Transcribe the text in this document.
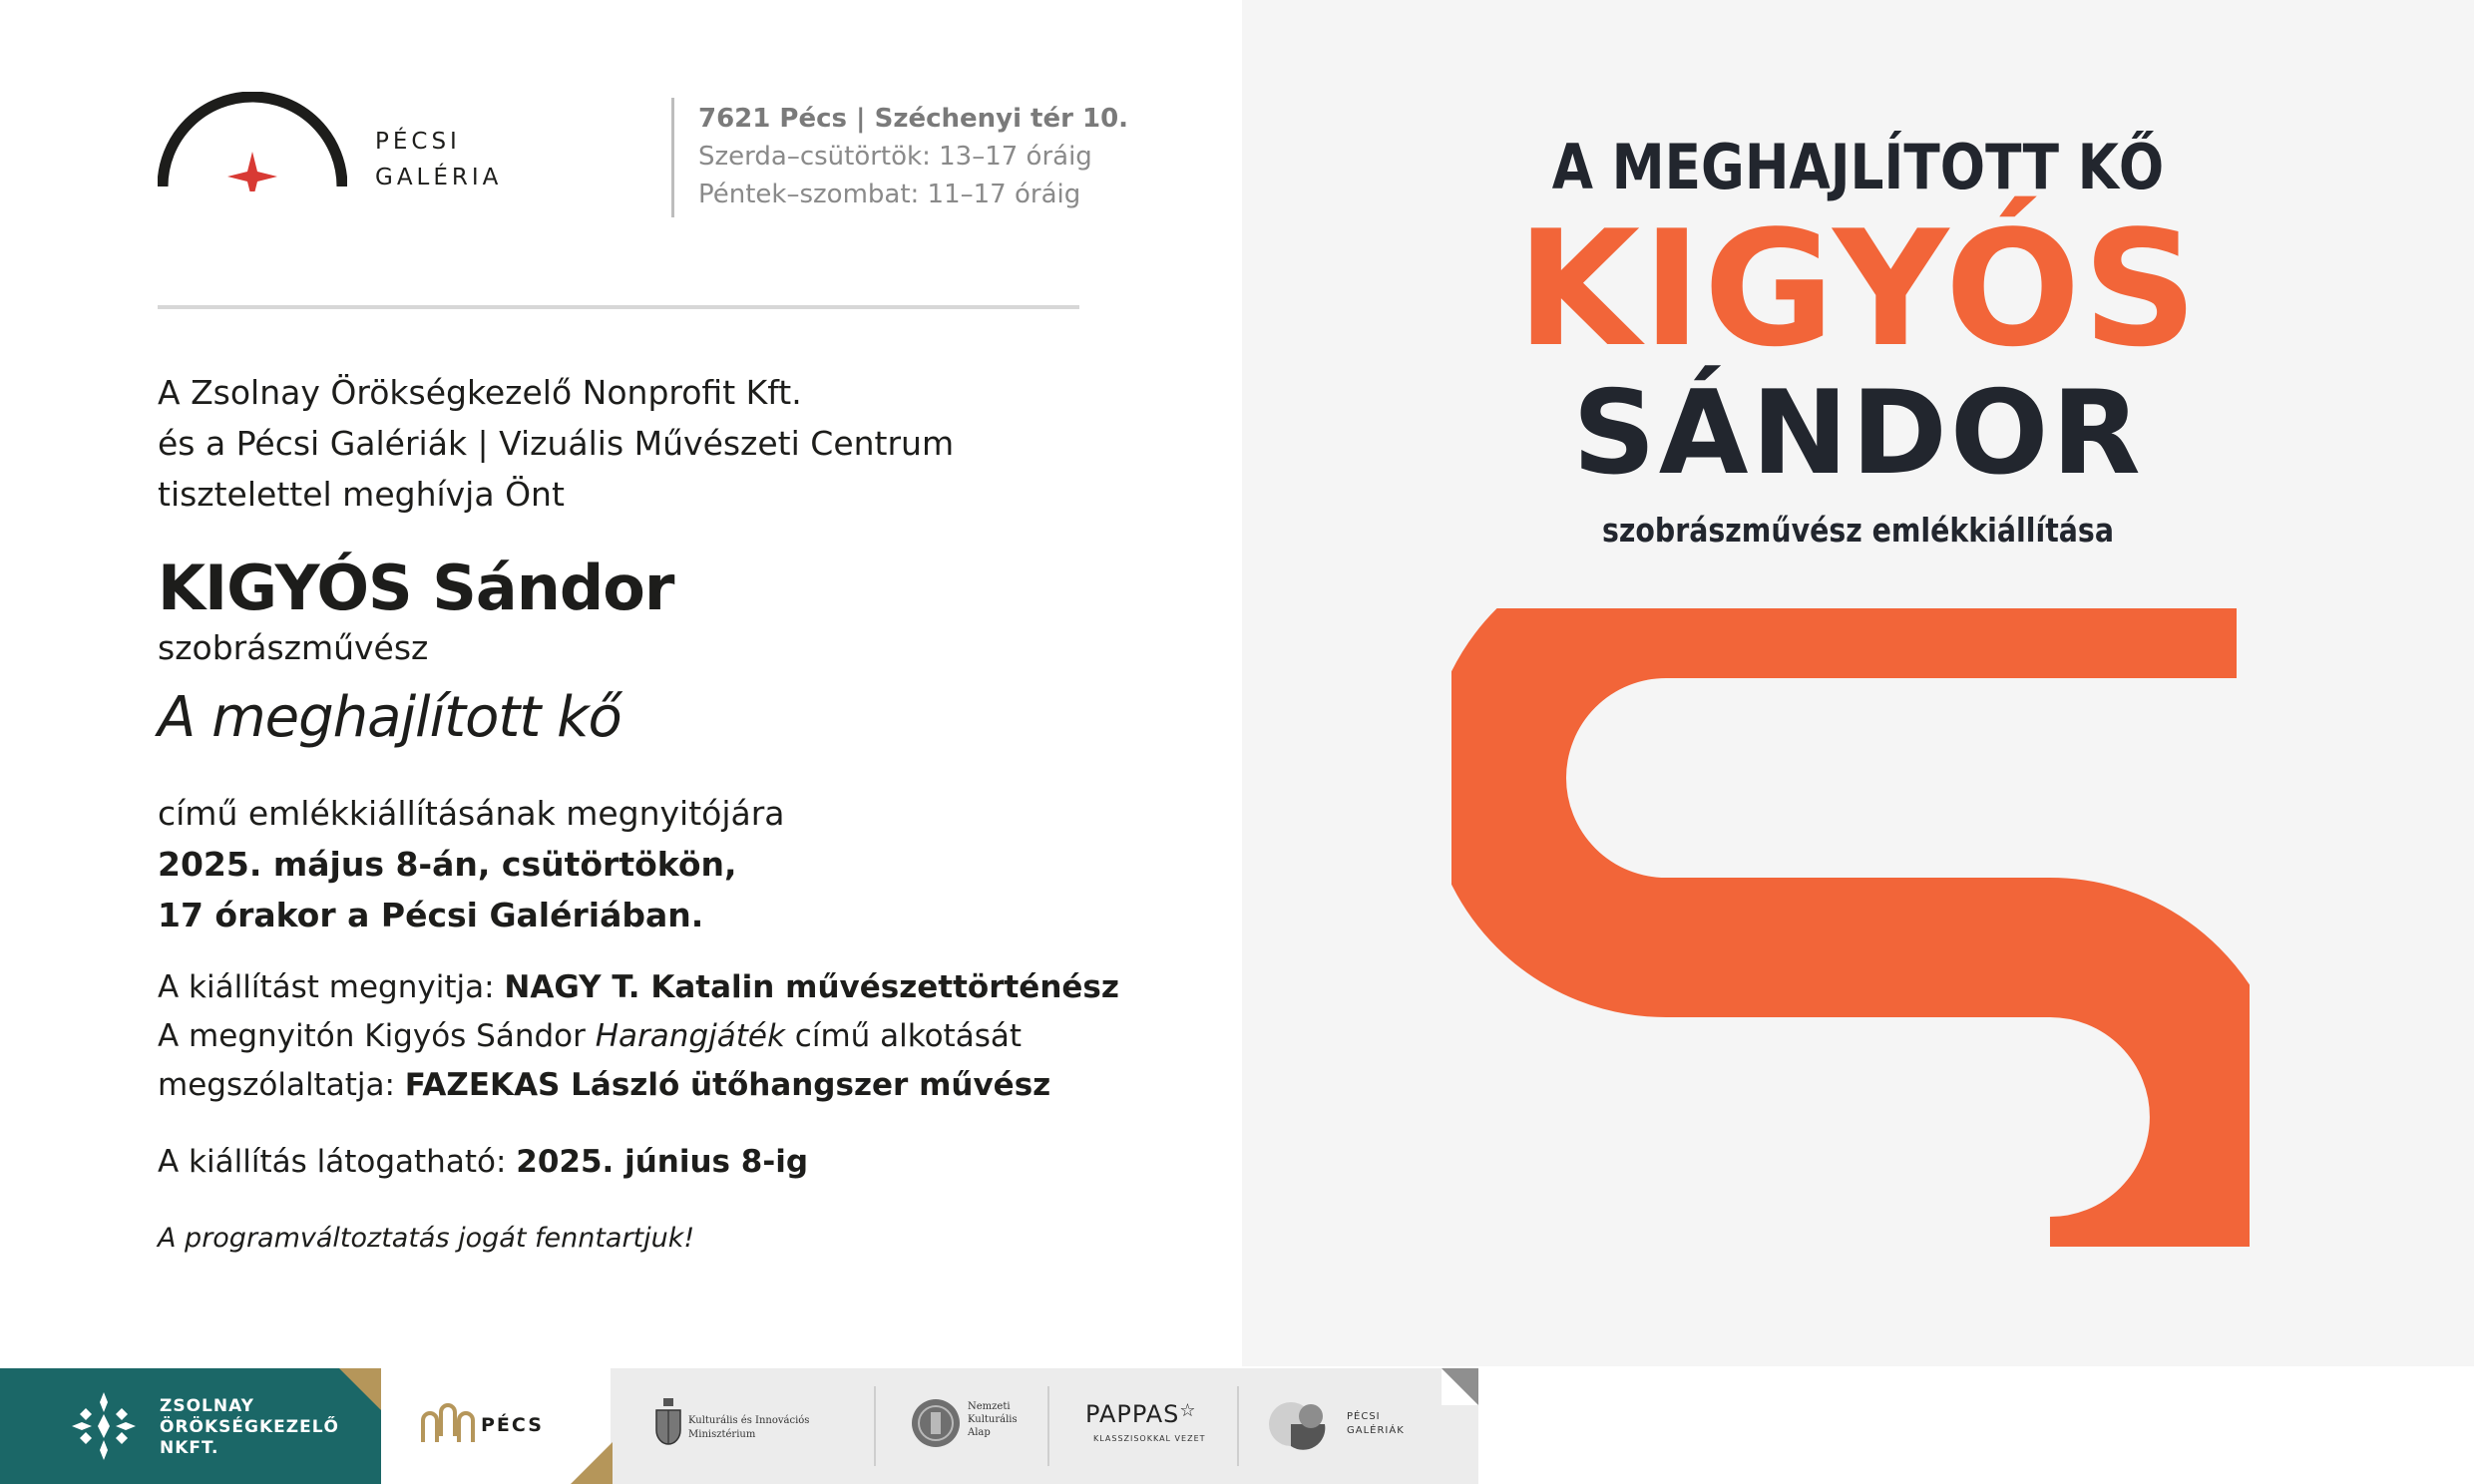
PÉCSI
GALÉRIA
7621 Pécs | Széchenyi tér 10.
Szerda–csütörtök: 13–17 óráig
Péntek–szombat: 11–17 óráig
A Zsolnay Örökségkezelő Nonprofit Kft.
és a Pécsi Galériák | Vizuális Művészeti Centrum
tisztelettel meghívja Önt
KIGYÓS Sándor
szobrászművész
A meghajlított kő
című emlékkiállításának megnyitójára
2025. május 8-án, csütörtökön,
17 órakor a Pécsi Galériában.
A kiállítást megnyitja: NAGY T. Katalin művészettörténész
A megnyitón Kigyós Sándor Harangjáték című alkotását
megszólaltatja: FAZEKAS László ütőhangszer művész
A kiállítás látogatható: 2025. június 8-ig
A programváltoztatás jogát fenntartjuk!
A MEGHAJLÍTOTT KŐ
KIGYÓS
SÁNDOR
szobrászművész emlékkiállítása
ZSOLNAY
ÖRÖKSÉGKEZELŐ
NKFT.
PÉCS	Kulturális és Innovációs
Minisztérium
Nemzeti
Kulturális
Alap
PAPPAS☆
KLASSZISOKKAL VEZET
PÉCSI
GALÉRIÁK
